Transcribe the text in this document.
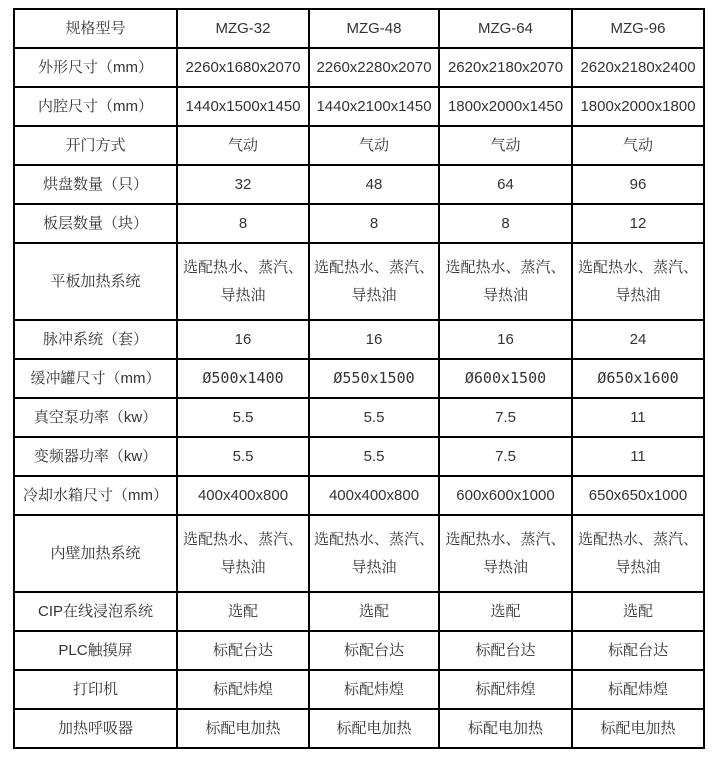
规格型号	MZG-32	MZG-48	MZG-64	MZG-96
外形尺寸（mm）	2260x1680x2070	2260x2280x2070	2620x2180x2070	2620x2180x2400
内腔尺寸（mm）	1440x1500x1450	1440x2100x1450	1800x2000x1450	1800x2000x1800
开门方式	气动	气动	气动	气动
烘盘数量（只）	32	48	64	96
板层数量（块）	8	8	8	12
平板加热系统	选配热水、蒸汽、导热油	选配热水、蒸汽、导热油	选配热水、蒸汽、导热油	选配热水、蒸汽、导热油
脉冲系统（套）	16	16	16	24
缓冲罐尺寸（mm）	Ø500x1400	Ø550x1500	Ø600x1500	Ø650x1600
真空泵功率（kw）	5.5	5.5	7.5	11
变频器功率（kw）	5.5	5.5	7.5	11
冷却水箱尺寸（mm）	400x400x800	400x400x800	600x600x1000	650x650x1000
内壁加热系统	选配热水、蒸汽、导热油	选配热水、蒸汽、导热油	选配热水、蒸汽、导热油	选配热水、蒸汽、导热油
CIP在线浸泡系统	选配	选配	选配	选配
PLC触摸屏	标配台达	标配台达	标配台达	标配台达
打印机	标配炜煌	标配炜煌	标配炜煌	标配炜煌
加热呼吸器	标配电加热	标配电加热	标配电加热	标配电加热
